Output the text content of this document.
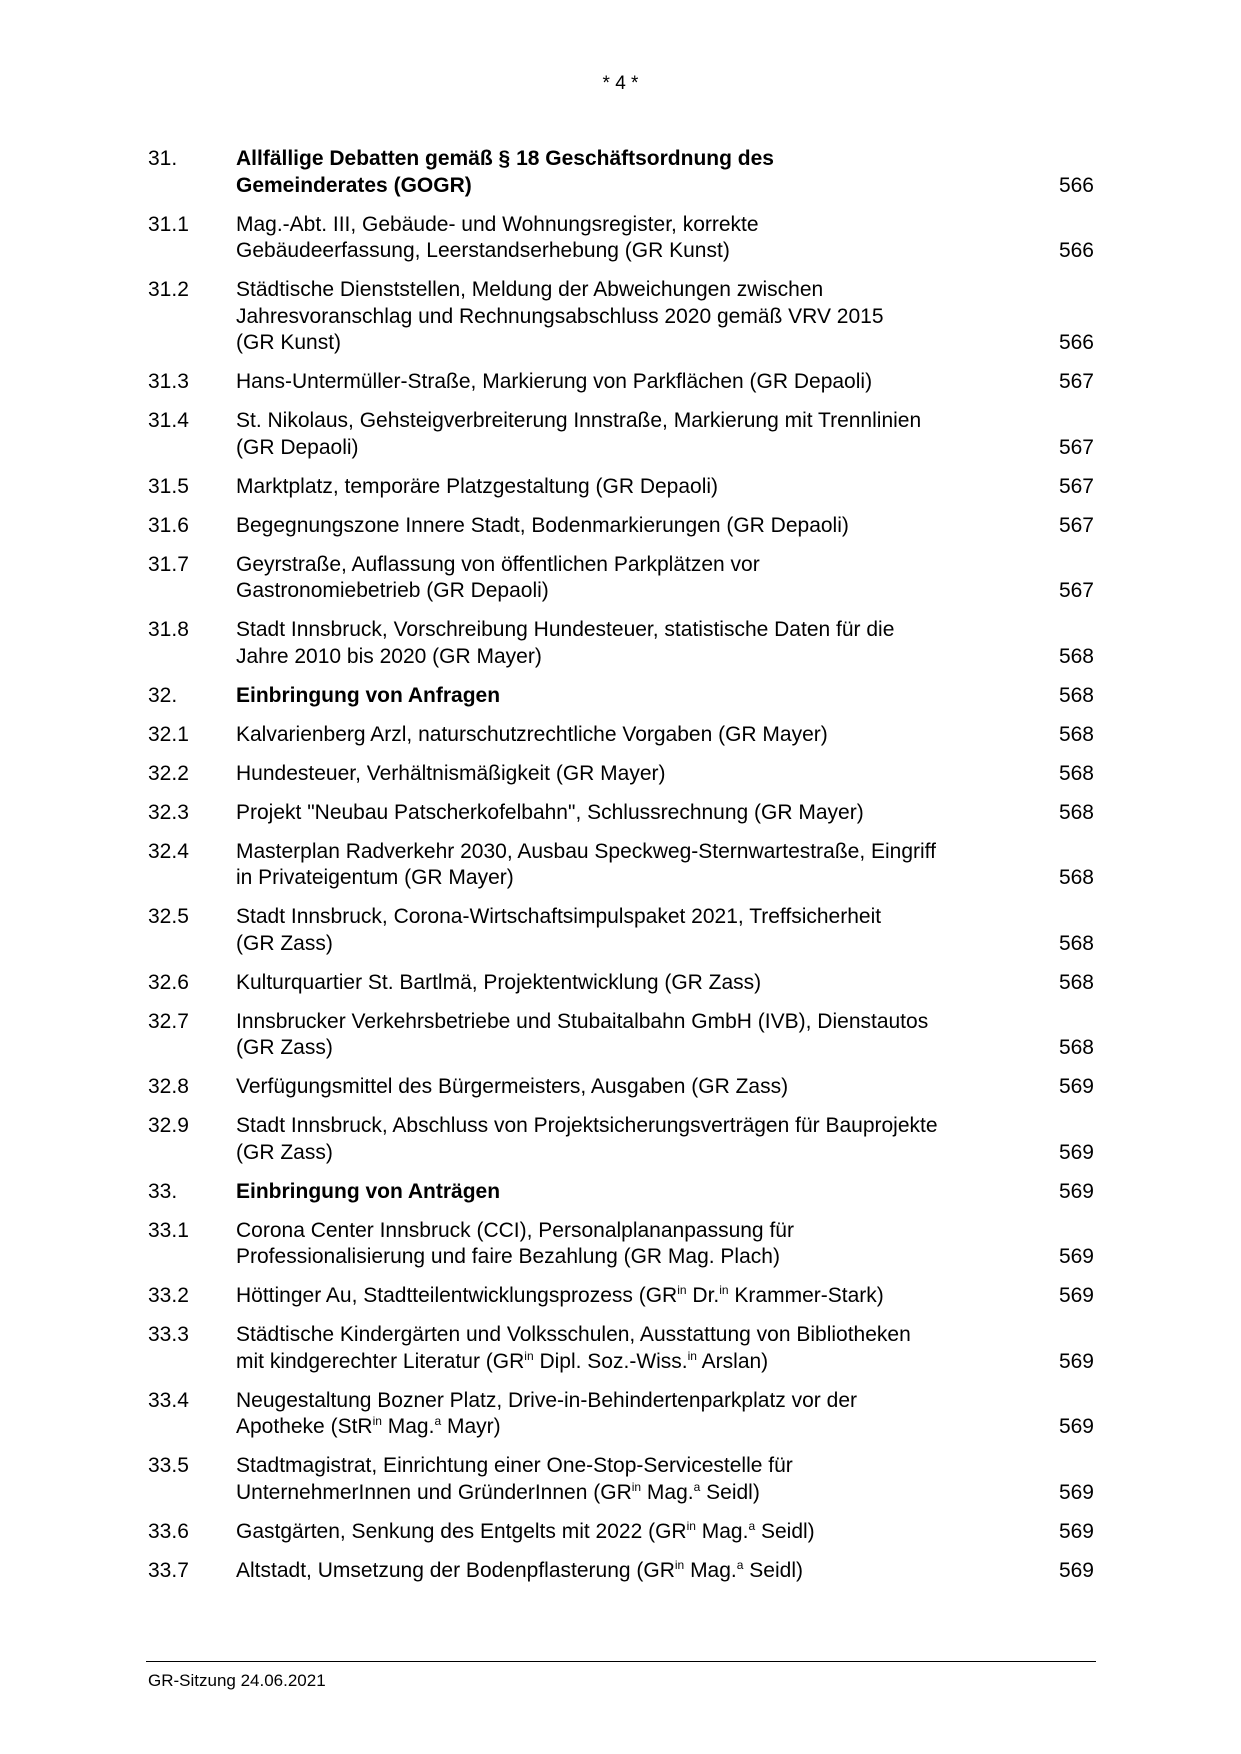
* 4 *
31.	Allfällige Debatten gemäß § 18 Geschäftsordnung des
Gemeinderates (GOGR)	566
31.1	Mag.-Abt. III, Gebäude- und Wohnungsregister, korrekte
Gebäudeerfassung, Leerstandserhebung (GR Kunst)	566
31.2	Städtische Dienststellen, Meldung der Abweichungen zwischen
Jahresvoranschlag und Rechnungsabschluss 2020 gemäß VRV 2015
(GR Kunst)	566
31.3	Hans-Untermüller-Straße, Markierung von Parkflächen (GR Depaoli)	567
31.4	St. Nikolaus, Gehsteigverbreiterung Innstraße, Markierung mit Trennlinien
(GR Depaoli)	567
31.5	Marktplatz, temporäre Platzgestaltung (GR Depaoli)	567
31.6	Begegnungszone Innere Stadt, Bodenmarkierungen (GR Depaoli)	567
31.7	Geyrstraße, Auflassung von öffentlichen Parkplätzen vor
Gastronomiebetrieb (GR Depaoli)	567
31.8	Stadt Innsbruck, Vorschreibung Hundesteuer, statistische Daten für die
Jahre 2010 bis 2020 (GR Mayer)	568
32.	Einbringung von Anfragen	568
32.1	Kalvarienberg Arzl, naturschutzrechtliche Vorgaben (GR Mayer)	568
32.2	Hundesteuer, Verhältnismäßigkeit (GR Mayer)	568
32.3	Projekt "Neubau Patscherkofelbahn", Schlussrechnung (GR Mayer)	568
32.4	Masterplan Radverkehr 2030, Ausbau Speckweg-Sternwartestraße, Eingriff
in Privateigentum (GR Mayer)	568
32.5	Stadt Innsbruck, Corona-Wirtschaftsimpulspaket 2021, Treffsicherheit
(GR Zass)	568
32.6	Kulturquartier St. Bartlmä, Projektentwicklung (GR Zass)	568
32.7	Innsbrucker Verkehrsbetriebe und Stubaitalbahn GmbH (IVB), Dienstautos
(GR Zass)	568
32.8	Verfügungsmittel des Bürgermeisters, Ausgaben (GR Zass)	569
32.9	Stadt Innsbruck, Abschluss von Projektsicherungsverträgen für Bauprojekte
(GR Zass)	569
33.	Einbringung von Anträgen	569
33.1	Corona Center Innsbruck (CCI), Personalplananpassung für
Professionalisierung und faire Bezahlung (GR Mag. Plach)	569
33.2	Höttinger Au, Stadtteilentwicklungsprozess ($GR^{in}$ Dr.$^{in}$ Krammer-Stark)	569
33.3	Städtische Kindergärten und Volksschulen, Ausstattung von Bibliotheken
mit kindgerechter Literatur ($GR^{in}$ Dipl. Soz.-Wiss.$^{in}$ Arslan)	569
33.4	Neugestaltung Bozner Platz, Drive-in-Behindertenparkplatz vor der
Apotheke (StR$^{in}$ Mag.$^a$ Mayr)	569
33.5	Stadtmagistrat, Einrichtung einer One-Stop-Servicestelle für
UnternehmerInnen und GründerInnen ($GR^{in}$ Mag.$^a$ Seidl)	569
33.6	Gastgärten, Senkung des Entgelts mit 2022 ($GR^{in}$ Mag.$^a$ Seidl)	569
33.7	Altstadt, Umsetzung der Bodenpflasterung ($GR^{in}$ Mag.$^a$ Seidl)	569
GR-Sitzung 24.06.2021
